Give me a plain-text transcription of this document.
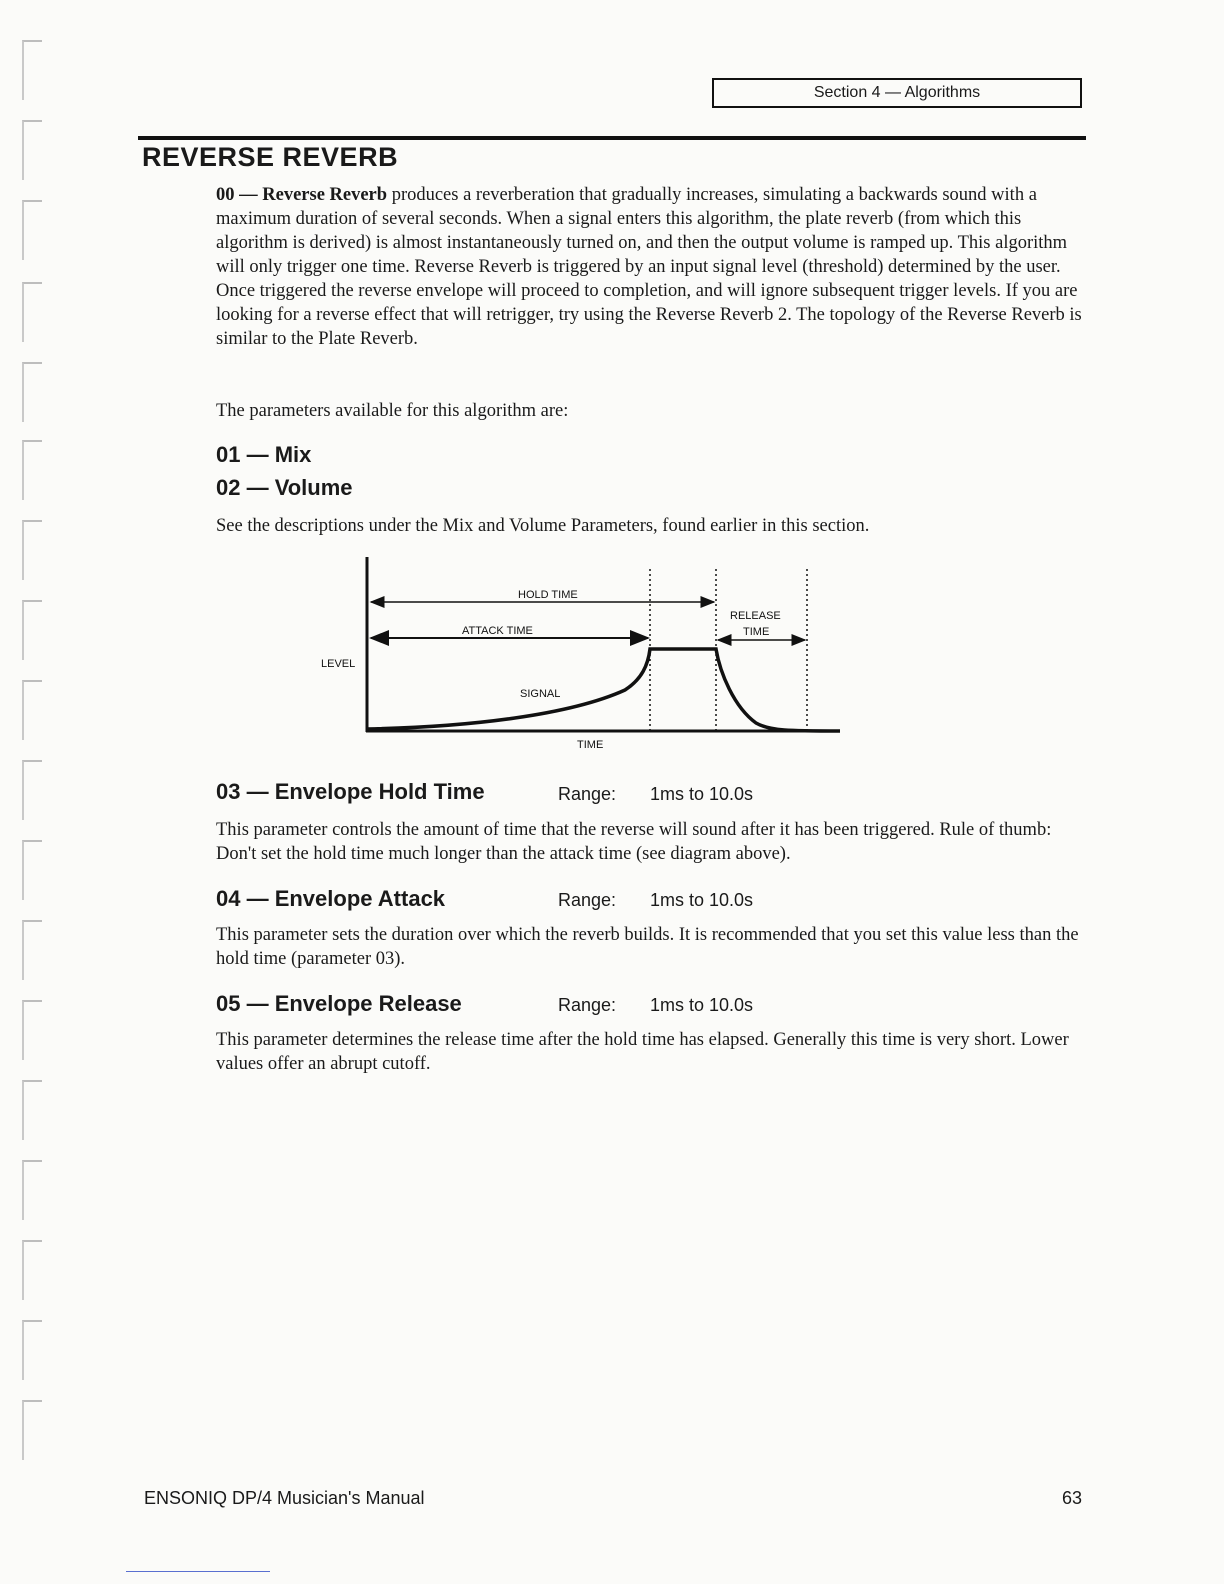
Section 4 — Algorithms
REVERSE REVERB
00 — Reverse Reverb produces a reverberation that gradually increases, simulating a backwards sound with a maximum duration of several seconds. When a signal enters this algorithm, the plate reverb (from which this algorithm is derived) is almost instantaneously turned on, and then the output volume is ramped up. This algorithm will only trigger one time. Reverse Reverb is triggered by an input signal level (threshold) determined by the user. Once triggered the reverse envelope will proceed to completion, and will ignore subsequent trigger levels. If you are looking for a reverse effect that will retrigger, try using the Reverse Reverb 2. The topology of the Reverse Reverb is similar to the Plate Reverb.
The parameters available for this algorithm are:
01 — Mix
02 — Volume
See the descriptions under the Mix and Volume Parameters, found earlier in this section.
HOLD TIME
ATTACK TIME
RELEASE
TIME
LEVEL
SIGNAL
TIME
03 — Envelope Hold Time	Range: 1ms to 10.0s
This parameter controls the amount of time that the reverse will sound after it has been triggered. Rule of thumb: Don't set the hold time much longer than the attack time (see diagram above).
04 — Envelope Attack	Range: 1ms to 10.0s
This parameter sets the duration over which the reverb builds. It is recommended that you set this value less than the hold time (parameter 03).
05 — Envelope Release	Range: 1ms to 10.0s
This parameter determines the release time after the hold time has elapsed. Generally this time is very short. Lower values offer an abrupt cutoff.
ENSONIQ DP/4 Musician's Manual	63
